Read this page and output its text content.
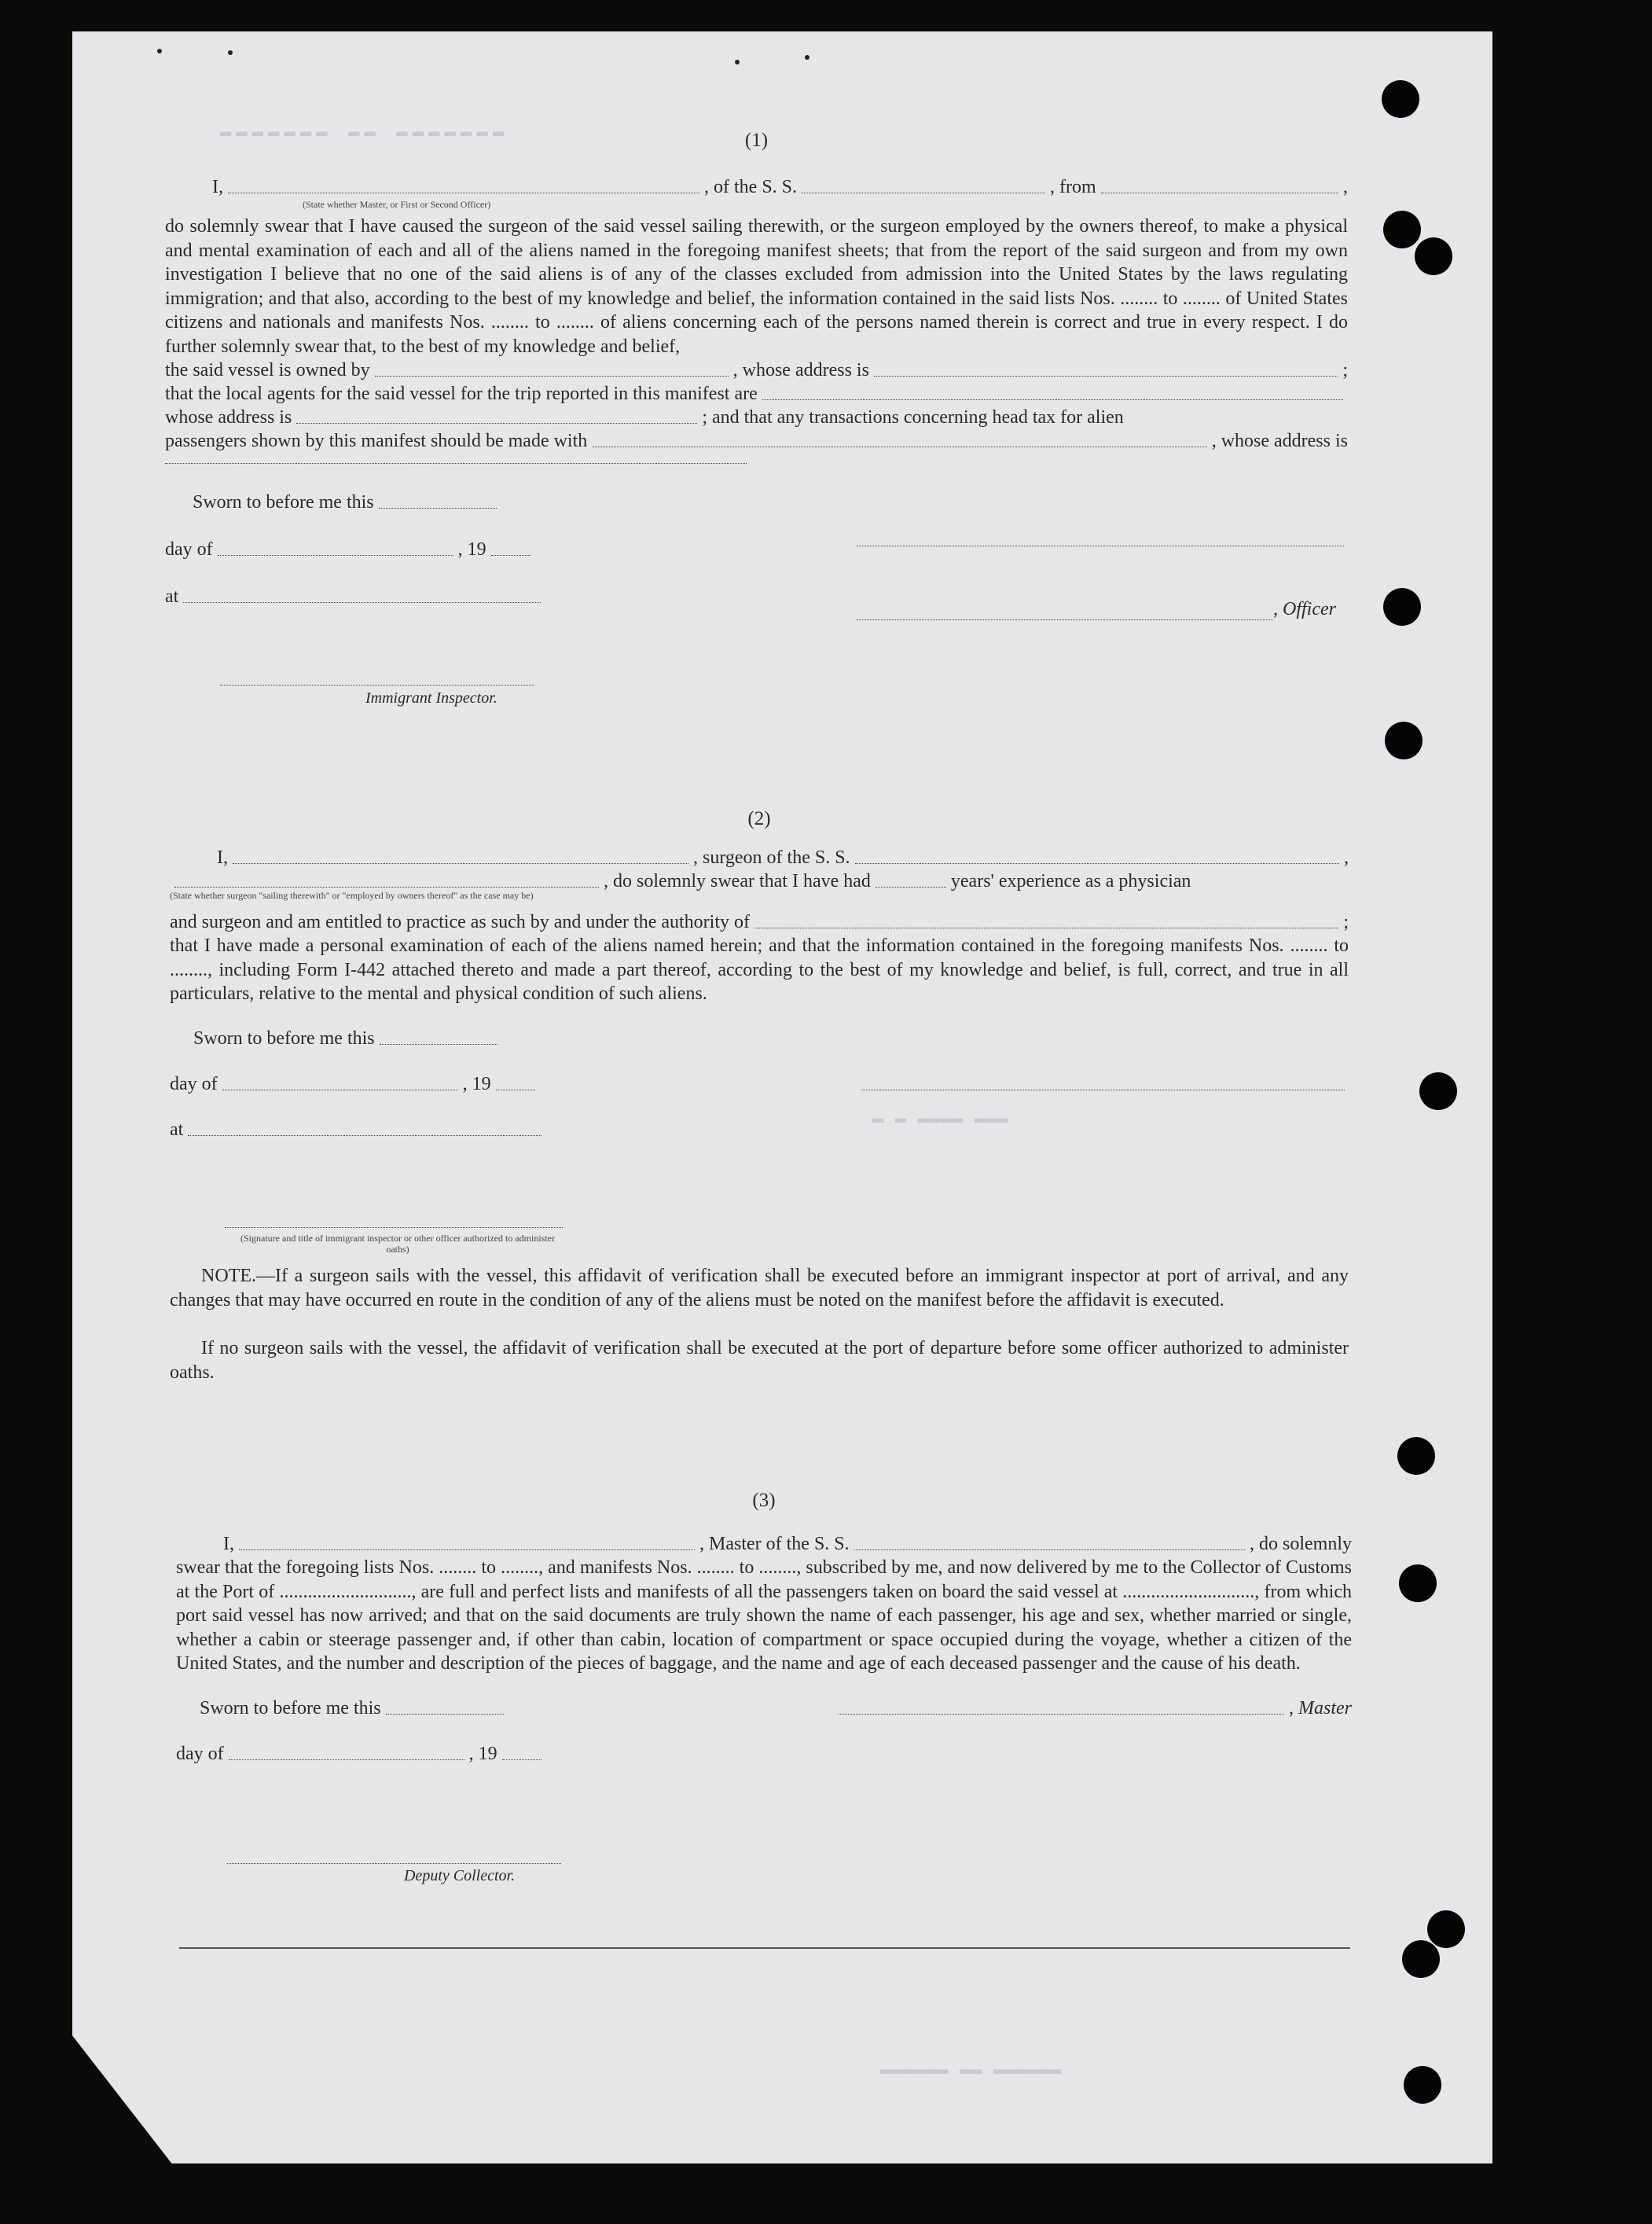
▬▬▬▬▬▬▬ ▬▬ ▬▬▬▬▬▬▬
▬ ▬ ▬▬▬▬ ▬▬▬
▬▬▬▬▬▬ ▬▬ ▬▬▬▬▬▬
(1)
I,	, of the S. S.	, from	,
(State whether Master, or First or Second Officer)
do solemnly swear that I have caused the surgeon of the said vessel sailing therewith, or the surgeon employed by the owners thereof, to make a physical and mental examination of each and all of the aliens named in the foregoing manifest sheets; that from the report of the said surgeon and from my own investigation I believe that no one of the said aliens is of any of the classes excluded from admission into the United States by the laws regulating immigration; and that also, according to the best of my knowledge and belief, the information contained in the said lists Nos. ........ to ........ of United States citizens and nationals and manifests Nos. ........ to ........ of aliens concerning each of the persons named therein is correct and true in every respect. I do further solemnly swear that, to the best of my knowledge and belief,
the said vessel is owned by	, whose address is	;
that the local agents for the said vessel for the trip reported in this manifest are
whose address is	; and that any transactions concerning head tax for alien
passengers shown by this manifest should be made with	, whose address is
Sworn to before me this
day of	, 19
at
Immigrant Inspector.
, Officer
(2)
I,	, surgeon of the S. S.	,
, do solemnly swear that I have had	years' experience as a physician
(State whether surgeon "sailing therewith" or "employed by owners thereof" as the case may be)
and surgeon and am entitled to practice as such by and under the authority of	;
that I have made a personal examination of each of the aliens named herein; and that the information contained in the foregoing manifests Nos. ........ to ........, including Form I-442 attached thereto and made a part thereof, according to the best of my knowledge and belief, is full, correct, and true in all particulars, relative to the mental and physical condition of such aliens.
Sworn to before me this
day of	, 19
at
(Signature and title of immigrant inspector or other officer authorized to administer oaths)
NOTE.—If a surgeon sails with the vessel, this affidavit of verification shall be executed before an immigrant inspector at port of arrival, and any changes that may have occurred en route in the condition of any of the aliens must be noted on the manifest before the affidavit is executed.
If no surgeon sails with the vessel, the affidavit of verification shall be executed at the port of departure before some officer authorized to administer oaths.
(3)
I,	, Master of the S. S.	, do solemnly
swear that the foregoing lists Nos. ........ to ........, and manifests Nos. ........ to ........, subscribed by me, and now delivered by me to the Collector of Customs at the Port of ............................, are full and perfect lists and manifests of all the passengers taken on board the said vessel at ............................, from which port said vessel has now arrived; and that on the said documents are truly shown the name of each passenger, his age and sex, whether married or single, whether a cabin or steerage passenger and, if other than cabin, location of compartment or space occupied during the voyage, whether a citizen of the United States, and the number and description of the pieces of baggage, and the name and age of each deceased passenger and the cause of his death.
Sworn to before me this	, Master
day of	, 19
Deputy Collector.
